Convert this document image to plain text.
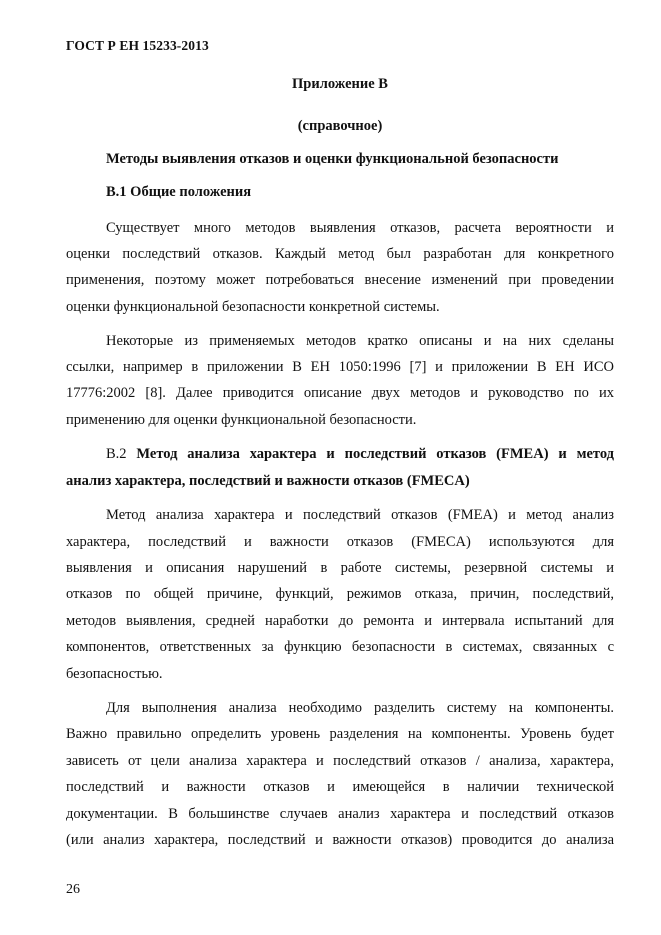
ГОСТ Р ЕН 15233-2013
Приложение В
(справочное)
Методы выявления отказов и оценки функциональной безопасности
В.1 Общие положения
Существует много методов выявления отказов, расчета вероятности и
оценки последствий отказов. Каждый метод был разработан для конкретного
применения, поэтому может потребоваться внесение изменений при проведении
оценки функциональной безопасности конкретной системы.
Некоторые из применяемых методов кратко описаны и на них сделаны
ссылки, например в приложении В ЕН 1050:1996 [7] и приложении В ЕН ИСО
17776:2002 [8]. Далее приводится описание двух методов и руководство по их
применению для оценки функциональной безопасности.
В.2 Метод анализа характера и последствий отказов (FMEA) и метод
анализ характера, последствий и важности отказов (FMECA)
Метод анализа характера и последствий отказов (FMEA) и метод анализ
характера, последствий и важности отказов (FMECA) используются для
выявления и описания нарушений в работе системы, резервной системы и
отказов по общей причине, функций, режимов отказа, причин, последствий,
методов выявления, средней наработки до ремонта и интервала испытаний для
компонентов, ответственных за функцию безопасности в системах, связанных с
безопасностью.
Для выполнения анализа необходимо разделить систему на компоненты.
Важно правильно определить уровень разделения на компоненты. Уровень будет
зависеть от цели анализа характера и последствий отказов / анализа, характера,
последствий и важности отказов и имеющейся в наличии технической
документации. В большинстве случаев анализ характера и последствий отказов
(или анализ характера, последствий и важности отказов) проводится до анализа
26
